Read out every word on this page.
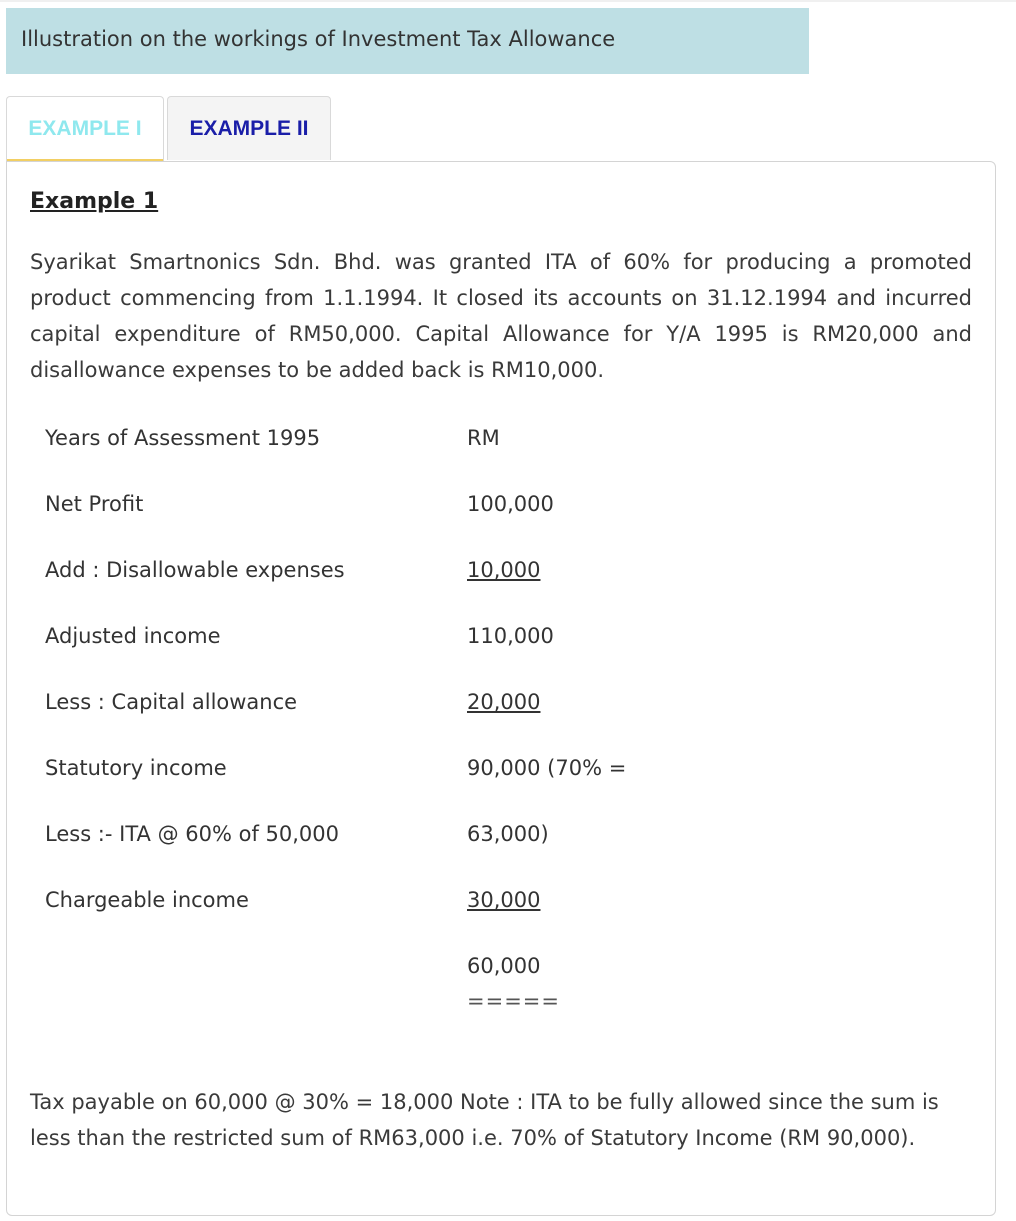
Illustration on the workings of Investment Tax Allowance
EXAMPLE I	EXAMPLE II
Example 1

Syarikat Smartnonics Sdn. Bhd. was granted ITA of 60% for producing a promoted product commencing from 1.1.1994. It closed its accounts on 31.12.1994 and incurred capital expenditure of RM50,000. Capital Allowance for Y/A 1995 is RM20,000 and disallowance expenses to be added back is RM10,000.

Years of Assessment 1995	RM
Net Profit	100,000
Add : Disallowable expenses	10,000
Adjusted income	110,000
Less : Capital allowance	20,000
Statutory income	90,000 (70% =
Less :- ITA @ 60% of 50,000	63,000)
Chargeable income	30,000
60,000
=====

Tax payable on 60,000 @ 30% = 18,000 Note : ITA to be fully allowed since the sum is less than the restricted sum of RM63,000 i.e. 70% of Statutory Income (RM 90,000).
